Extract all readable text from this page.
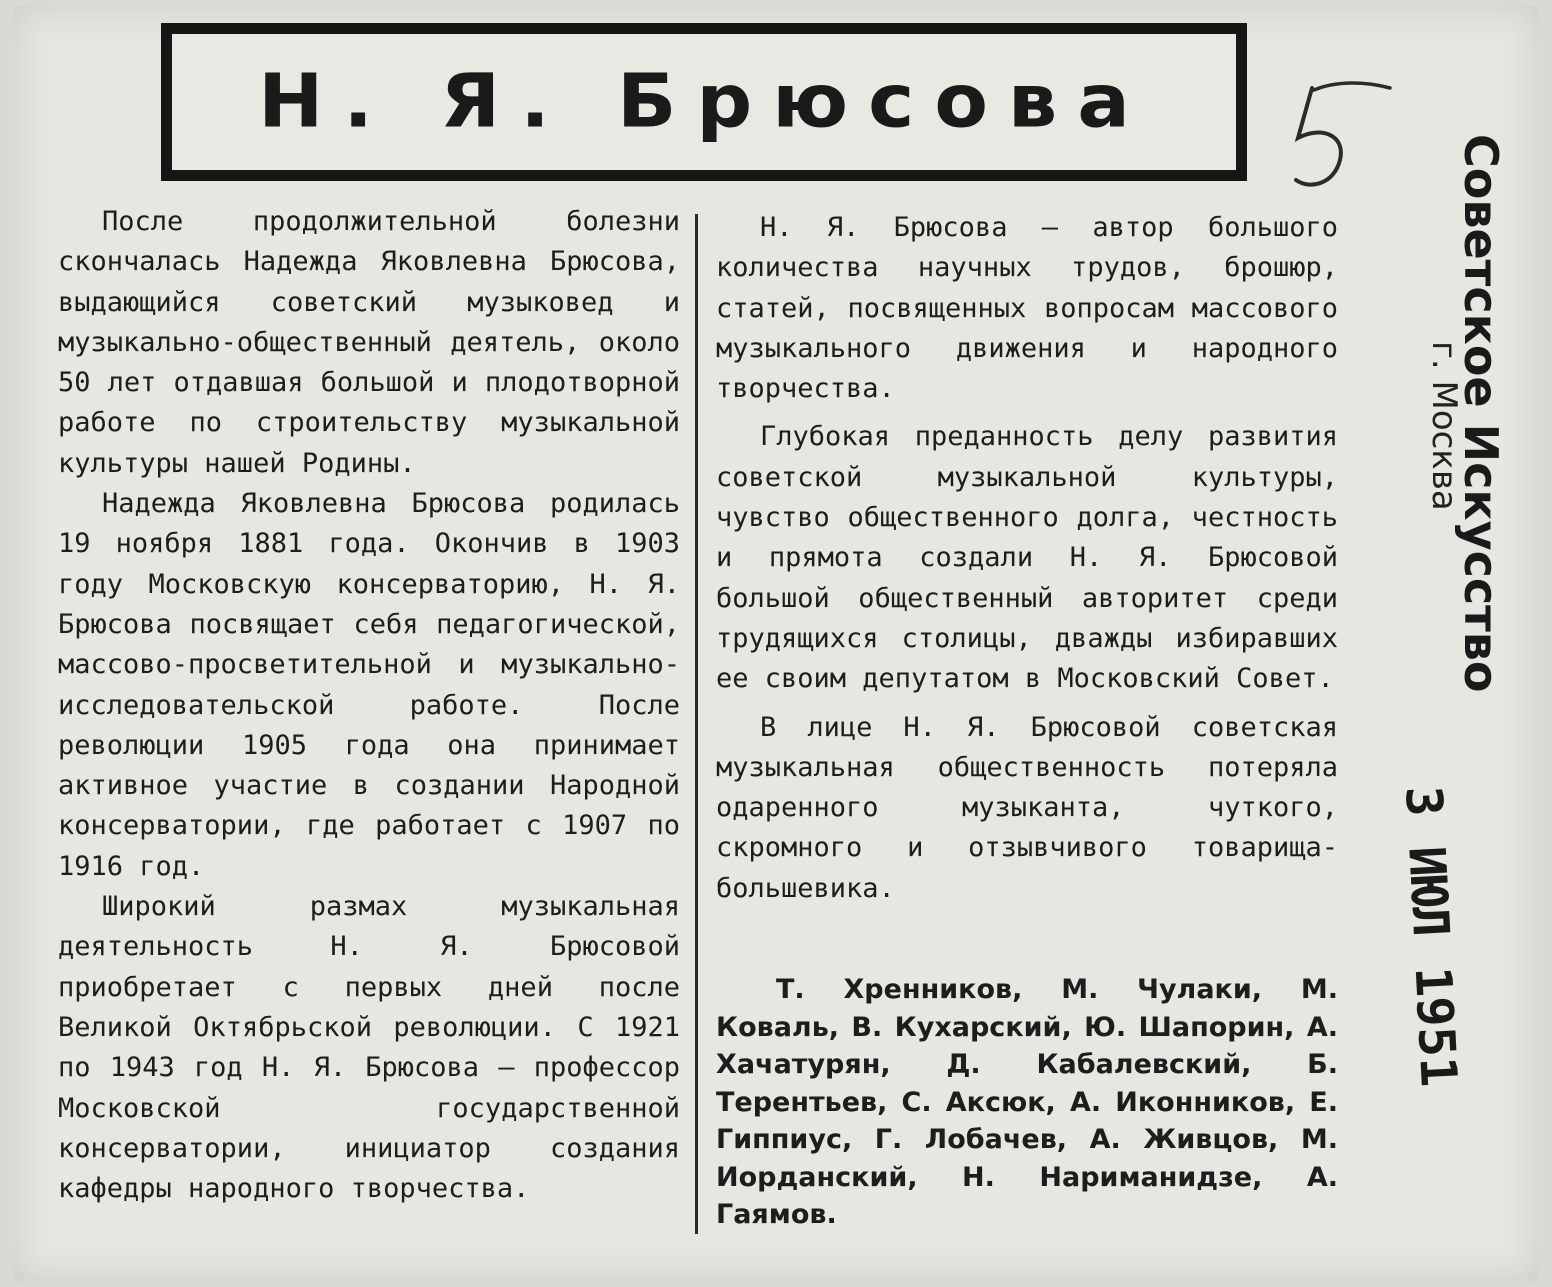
Н. Я. Брюсова

После продолжительной болезни скончалась Надежда Яковлевна Брюсова, выдающийся советский музыковед и музыкально-общественный деятель, около 50 лет отдавшая большой и плодотворной работе по строительству музыкальной культуры нашей Родины.

Надежда Яковлевна Брюсова родилась 19 ноября 1881 года. Окончив в 1903 году Московскую консерваторию, Н. Я. Брюсова посвящает себя педагогической, массово-просветительной и музыкально-исследовательской работе. После революции 1905 года она принимает активное участие в создании Народной консерватории, где работает с 1907 по 1916 год.

Широкий размах музыкальная деятельность Н. Я. Брюсовой приобретает с первых дней после Великой Октябрьской революции. С 1921 по 1943 год Н. Я. Брюсова — профессор Московской государственной консерватории, инициатор создания кафедры народного творчества.

Н. Я. Брюсова — автор большого количества научных трудов, брошюр, статей, посвященных вопросам массового музыкального движения и народного творчества.

Глубокая преданность делу развития советской музыкальной культуры, чувство общественного долга, честность и прямота создали Н. Я. Брюсовой большой общественный авторитет среди трудящихся столицы, дважды избиравших ее своим депутатом в Московский Совет.

В лице Н. Я. Брюсовой советская музыкальная общественность потеряла одаренного музыканта, чуткого, скромного и отзывчивого товарища-большевика.

Т. Хренников, М. Чулаки, М. Коваль, В. Кухарский, Ю. Шапорин, А. Хачатурян, Д. Кабалевский, Б. Терентьев, С. Аксюк, А. Иконников, Е. Гиппиус, Г. Лобачев, А. Живцов, М. Иорданский, Н. Нариманидзе, А. Гаямов.
Советское Искусство
г. Москва
3 ИЮЛ 1951
